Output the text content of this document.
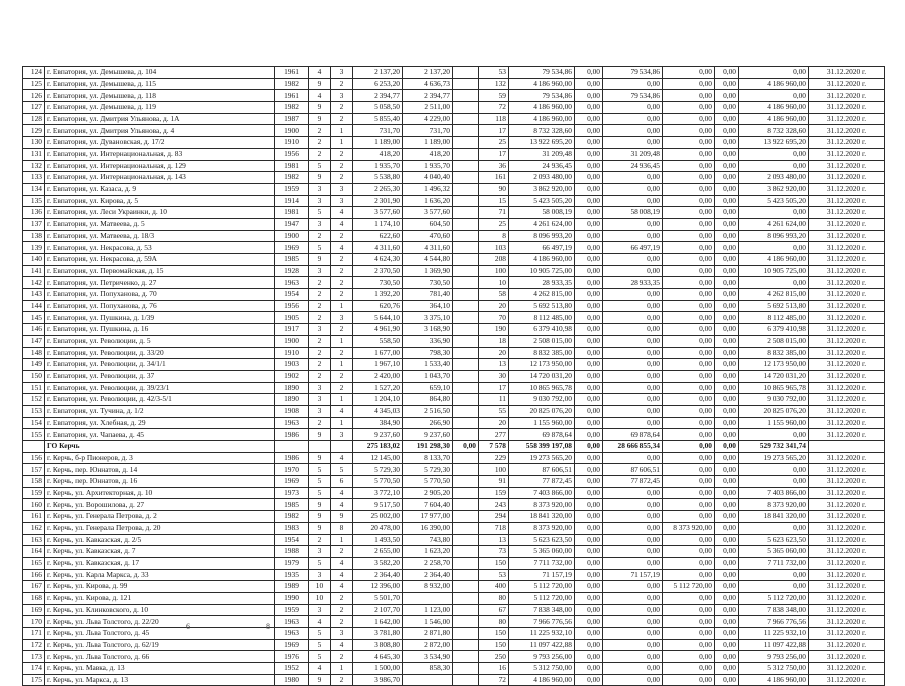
124	г. Евпатория, ул. Демышева, д. 104	1961	4	3	2 137,20	2 137,20		53	79 534,86	0,00	79 534,86	0,00	0,00	0,00	31.12.2020 г.
125	г. Евпатория, ул. Демышева, д. 115	1982	9	2	6 253,20	4 636,73		132	4 186 960,00	0,00	0,00	0,00	0,00	4 186 960,00	31.12.2020 г.
126	г. Евпатория, ул. Демышева, д. 118	1961	4	3	2 394,77	2 394,77		59	79 534,86	0,00	79 534,86	0,00	0,00	0,00	31.12.2020 г.
127	г. Евпатория, ул. Демышева, д. 119	1982	9	2	5 058,50	2 511,00		72	4 186 960,00	0,00	0,00	0,00	0,00	4 186 960,00	31.12.2020 г.
128	г. Евпатория, ул. Дмитрия Ульянова, д. 1А	1987	9	2	5 855,40	4 229,00		118	4 186 960,00	0,00	0,00	0,00	0,00	4 186 960,00	31.12.2020 г.
129	г. Евпатория, ул. Дмитрия Ульянова, д. 4	1900	2	1	731,70	731,70		17	8 732 328,60	0,00	0,00	0,00	0,00	8 732 328,60	31.12.2020 г.
130	г. Евпатория, ул. Дувановская, д. 17/2	1910	2	1	1 189,00	1 189,00		25	13 922 695,20	0,00	0,00	0,00	0,00	13 922 695,20	31.12.2020 г.
131	г. Евпатория, ул. Интернациональная, д. 83	1956	2	2	418,20	418,20		17	31 209,48	0,00	31 209,48	0,00	0,00	0,00	31.12.2020 г.
132	г. Евпатория, ул. Интернациональная, д. 129	1981	5	2	1 935,70	1 935,70		36	24 936,45	0,00	24 936,45	0,00	0,00	0,00	31.12.2020 г.
133	г. Евпатория, ул. Интернациональная, д. 143	1982	9	2	5 538,80	4 040,40		161	2 093 480,00	0,00	0,00	0,00	0,00	2 093 480,00	31.12.2020 г.
134	г. Евпатория, ул. Казаса, д. 9	1959	3	3	2 265,30	1 496,32		90	3 862 920,00	0,00	0,00	0,00	0,00	3 862 920,00	31.12.2020 г.
135	г. Евпатория, ул. Кирова, д. 5	1914	3	3	2 301,90	1 636,20		15	5 423 505,20	0,00	0,00	0,00	0,00	5 423 505,20	31.12.2020 г.
136	г. Евпатория, ул. Леси Украинки, д. 10	1981	5	4	3 577,60	3 577,60		71	58 008,19	0,00	58 008,19	0,00	0,00	0,00	31.12.2020 г.
137	г. Евпатория, ул. Матвеева, д. 5	1947	3	4	1 174,10	604,50		25	4 261 624,00	0,00	0,00	0,00	0,00	4 261 624,00	31.12.2020 г.
138	г. Евпатория, ул. Матвеева, д. 18/3	1900	2	2	622,60	470,60		8	8 096 993,20	0,00	0,00	0,00	0,00	8 096 993,20	31.12.2020 г.
139	г. Евпатория, ул. Некрасова, д. 53	1969	5	4	4 311,60	4 311,60		103	66 497,19	0,00	66 497,19	0,00	0,00	0,00	31.12.2020 г.
140	г. Евпатория, ул. Некрасова, д. 59А	1985	9	2	4 624,30	4 544,80		208	4 186 960,00	0,00	0,00	0,00	0,00	4 186 960,00	31.12.2020 г.
141	г. Евпатория, ул. Первомайская, д. 15	1928	3	2	2 370,50	1 369,90		100	10 905 725,00	0,00	0,00	0,00	0,00	10 905 725,00	31.12.2020 г.
142	г. Евпатория, ул. Петриченко, д. 27	1963	2	2	730,50	730,50		10	28 933,35	0,00	28 933,35	0,00	0,00	0,00	31.12.2020 г.
143	г. Евпатория, ул. Попуханова, д. 70	1954	2	2	1 392,20	781,40		58	4 262 815,00	0,00	0,00	0,00	0,00	4 262 815,00	31.12.2020 г.
144	г. Евпатория, ул. Попуханова, д. 76	1956	2	1	620,76	364,10		20	5 692 513,80	0,00	0,00	0,00	0,00	5 692 513,80	31.12.2020 г.
145	г. Евпатория, ул. Пушкина, д. 1/39	1905	2	3	5 644,10	3 375,10		70	8 112 485,00	0,00	0,00	0,00	0,00	8 112 485,00	31.12.2020 г.
146	г. Евпатория, ул. Пушкина, д. 16	1917	3	2	4 961,90	3 168,90		190	6 379 410,98	0,00	0,00	0,00	0,00	6 379 410,98	31.12.2020 г.
147	г. Евпатория, ул. Революции, д. 5	1900	2	1	558,50	336,90		18	2 508 015,00	0,00	0,00	0,00	0,00	2 508 015,00	31.12.2020 г.
148	г. Евпатория, ул. Революции, д. 33/20	1910	2	2	1 677,00	798,30		20	8 832 385,00	0,00	0,00	0,00	0,00	8 832 385,00	31.12.2020 г.
149	г. Евпатория, ул. Революции, д. 34/1/1	1903	2	1	1 967,10	1 533,40		13	12 173 950,00	0,00	0,00	0,00	0,00	12 173 950,00	31.12.2020 г.
150	г. Евпатория, ул. Революции, д. 37	1902	2	2	2 420,00	1 043,70		30	14 720 031,20	0,00	0,00	0,00	0,00	14 720 031,20	31.12.2020 г.
151	г. Евпатория, ул. Революции, д. 39/23/1	1890	3	2	1 527,20	659,10		17	10 865 965,78	0,00	0,00	0,00	0,00	10 865 965,78	31.12.2020 г.
152	г. Евпатория, ул. Революции, д. 42/3-5/1	1890	3	1	1 204,10	864,80		11	9 030 792,00	0,00	0,00	0,00	0,00	9 030 792,00	31.12.2020 г.
153	г. Евпатория, ул. Тучина, д. 1/2	1908	3	4	4 345,03	2 516,50		55	20 825 076,20	0,00	0,00	0,00	0,00	20 825 076,20	31.12.2020 г.
154	г. Евпатория, ул. Хлебная, д. 29	1963	2	1	384,90	266,90		20	1 155 960,00	0,00	0,00	0,00	0,00	1 155 960,00	31.12.2020 г.
155	г. Евпатория, ул. Чапаева, д. 45	1986	9	3	9 237,60	9 237,60		277	69 878,64	0,00	69 878,64	0,00	0,00	0,00	31.12.2020 г.
	ГО Керчь				275 183,02	191 298,30	0,00	7 578	558 399 197,08	0,00	28 666 855,34	0,00	0,00	529 732 341,74	
156	г. Керчь, б-р Пионеров, д. 3	1986	9	4	12 145,00	8 133,70		229	19 273 565,20	0,00	0,00	0,00	0,00	19 273 565,20	31.12.2020 г.
157	г. Керчь, пер. Юннатов, д. 14	1970	5	5	5 729,30	5 729,30		100	87 606,51	0,00	87 606,51	0,00	0,00	0,00	31.12.2020 г.
158	г. Керчь, пер. Юннатов, д. 16	1969	5	6	5 770,50	5 770,50		91	77 872,45	0,00	77 872,45	0,00	0,00	0,00	31.12.2020 г.
159	г. Керчь, ул. Архитекторная, д. 10	1973	5	4	3 772,10	2 905,20		159	7 403 866,00	0,00	0,00	0,00	0,00	7 403 866,00	31.12.2020 г.
160	г. Керчь, ул. Ворошилова, д. 27	1985	9	4	9 517,50	7 604,40		243	8 373 920,00	0,00	0,00	0,00	0,00	8 373 920,00	31.12.2020 г.
161	г. Керчь, ул. Генерала Петрова, д. 2	1982	9	9	25 002,00	17 977,00		294	18 841 320,00	0,00	0,00	0,00	0,00	18 841 320,00	31.12.2020 г.
162	г. Керчь, ул. Генерала Петрова, д. 20	1983	9	8	20 478,00	16 390,00		718	8 373 920,00	0,00	0,00	8 373 920,00	0,00	0,00	31.12.2020 г.
163	г. Керчь, ул. Кавказская, д. 2/5	1954	2	1	1 493,50	743,80		13	5 623 623,50	0,00	0,00	0,00	0,00	5 623 623,50	31.12.2020 г.
164	г. Керчь, ул. Кавказская, д. 7	1988	3	2	2 655,00	1 623,20		73	5 365 060,00	0,00	0,00	0,00	0,00	5 365 060,00	31.12.2020 г.
165	г. Керчь, ул. Кавказская, д. 17	1979	5	4	3 582,20	2 258,70		150	7 711 732,00	0,00	0,00	0,00	0,00	7 711 732,00	31.12.2020 г.
166	г. Керчь, ул. Карла Маркса, д. 33	1935	3	4	2 364,40	2 364,40		53	71 157,19	0,00	71 157,19	0,00	0,00	0,00	31.12.2020 г.
167	г. Керчь, ул. Кирова, д. 99	1989	10	4	12 396,00	8 932,00		400	5 112 720,00	0,00	0,00	5 112 720,00	0,00	0,00	31.12.2020 г.
168	г. Керчь, ул. Кирова, д. 121	1990	10	2	5 501,70			80	5 112 720,00	0,00	0,00	0,00	0,00	5 112 720,00	31.12.2020 г.
169	г. Керчь, ул. Клинковского, д. 10	1959	3	2	2 107,70	1 123,00		67	7 838 348,00	0,00	0,00	0,00	0,00	7 838 348,00	31.12.2020 г.
170	г. Керчь, ул. Льва Толстого, д. 22/20	1963	4	2	1 642,00	1 546,00		80	7 966 776,56	0,00	0,00	0,00	0,00	7 966 776,56	31.12.2020 г.
171	г. Керчь, ул. Льва Толстого, д. 45	1963	5	3	3 781,80	2 871,80		150	11 225 932,10	0,00	0,00	0,00	0,00	11 225 932,10	31.12.2020 г.
172	г. Керчь, ул. Льва Толстого, д. 62/19	1969	5	4	3 808,80	2 872,00		150	11 097 422,88	0,00	0,00	0,00	0,00	11 097 422,88	31.12.2020 г.
173	г. Керчь, ул. Льва Толстого, д. 66	1976	5	2	4 645,30	3 534,90		250	9 793 256,00	0,00	0,00	0,00	0,00	9 793 256,00	31.12.2020 г.
174	г. Керчь, ул. Мавка, д. 13	1952	4	1	1 500,00	858,30		16	5 312 750,00	0,00	0,00	0,00	0,00	5 312 750,00	31.12.2020 г.
175	г. Керчь, ул. Маркса, д. 13	1980	9	2	3 986,70			72	4 186 960,00	0,00	0,00	0,00	0,00	4 186 960,00	31.12.2020 г.
6	8
